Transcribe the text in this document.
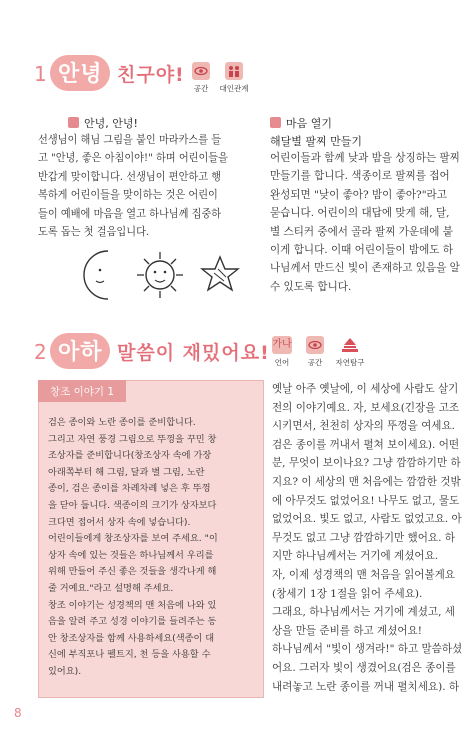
1 안녕 친구야!
공간	대인관계
안녕, 안녕!
선생님이 해님 그림을 붙인 마라카스를 들
고 "안녕, 좋은 아침이야!" 하며 어린이들을
반갑게 맞이합니다. 선생님이 편안하고 행
복하게 어린이들을 맞이하는 것은 어린이
들이 예배에 마음을 열고 하나님께 집중하
도록 돕는 첫 걸음입니다.
마음 열기
해달별 팔찌 만들기
어린이들과 함께 낮과 밤을 상징하는 팔찌
만들기를 합니다. 색종이로 팔찌를 접어
완성되면 "낮이 좋아? 밤이 좋아?"라고
묻습니다. 어린이의 대답에 맞게 해, 달,
별 스티커 중에서 골라 팔찌 가운데에 붙
이게 합니다. 이때 어린이들이 밤에도 하
나님께서 만드신 빛이 존재하고 있음을 알
수 있도록 합니다.
2 아하 말씀이 재밌어요! 가나
언어	공간	자연탐구
창조 이야기 1
검은 종이와 노란 종이를 준비합니다.
그리고 자연 풍경 그림으로 뚜껑을 꾸민 창
조상자를 준비합니다(창조상자 속에 가장
아래쪽부터 해 그림, 달과 별 그림, 노란
종이, 검은 종이를 차례차례 넣은 후 뚜껑
을 닫아 둡니다. 색종이의 크기가 상자보다
크다면 접어서 상자 속에 넣습니다).
어린이들에게 창조상자를 보여 주세요. "이
상자 속에 있는 것들은 하나님께서 우리를
위해 만들어 주신 좋은 것들을 생각나게 해
줄 거예요."라고 설명해 주세요.
창조 이야기는 성경책의 맨 처음에 나와 있
음을 알려 주고 성경 이야기를 들려주는 동
안 창조상자를 함께 사용하세요(색종이 대
신에 부직포나 펠트지, 천 등을 사용할 수
있어요).
옛날 아주 옛날에, 이 세상에 사람도 살기
전의 이야기예요. 자, 보세요(긴장을 고조
시키면서, 천천히 상자의 뚜껑을 여세요.
검은 종이를 꺼내서 펼쳐 보이세요). 어떤
분, 무엇이 보이나요? 그냥 깜깜하기만 하
지요? 이 세상의 맨 처음에는 깜깜한 것밖
에 아무것도 없었어요! 나무도 없고, 물도
없었어요. 빛도 없고, 사람도 없었고요. 아
무것도 없고 그냥 깜깜하기만 했어요. 하
지만 하나님께서는 거기에 계셨어요.
자, 이제 성경책의 맨 처음을 읽어볼게요
(창세기 1장 1절을 읽어 주세요).
그래요, 하나님께서는 거기에 계셨고, 세
상을 만들 준비를 하고 계셨어요!
하나님께서 "빛이 생겨라!" 하고 말씀하셨
어요. 그러자 빛이 생겼어요(검은 종이를
내려놓고 노란 종이를 꺼내 펼치세요). 하
8
